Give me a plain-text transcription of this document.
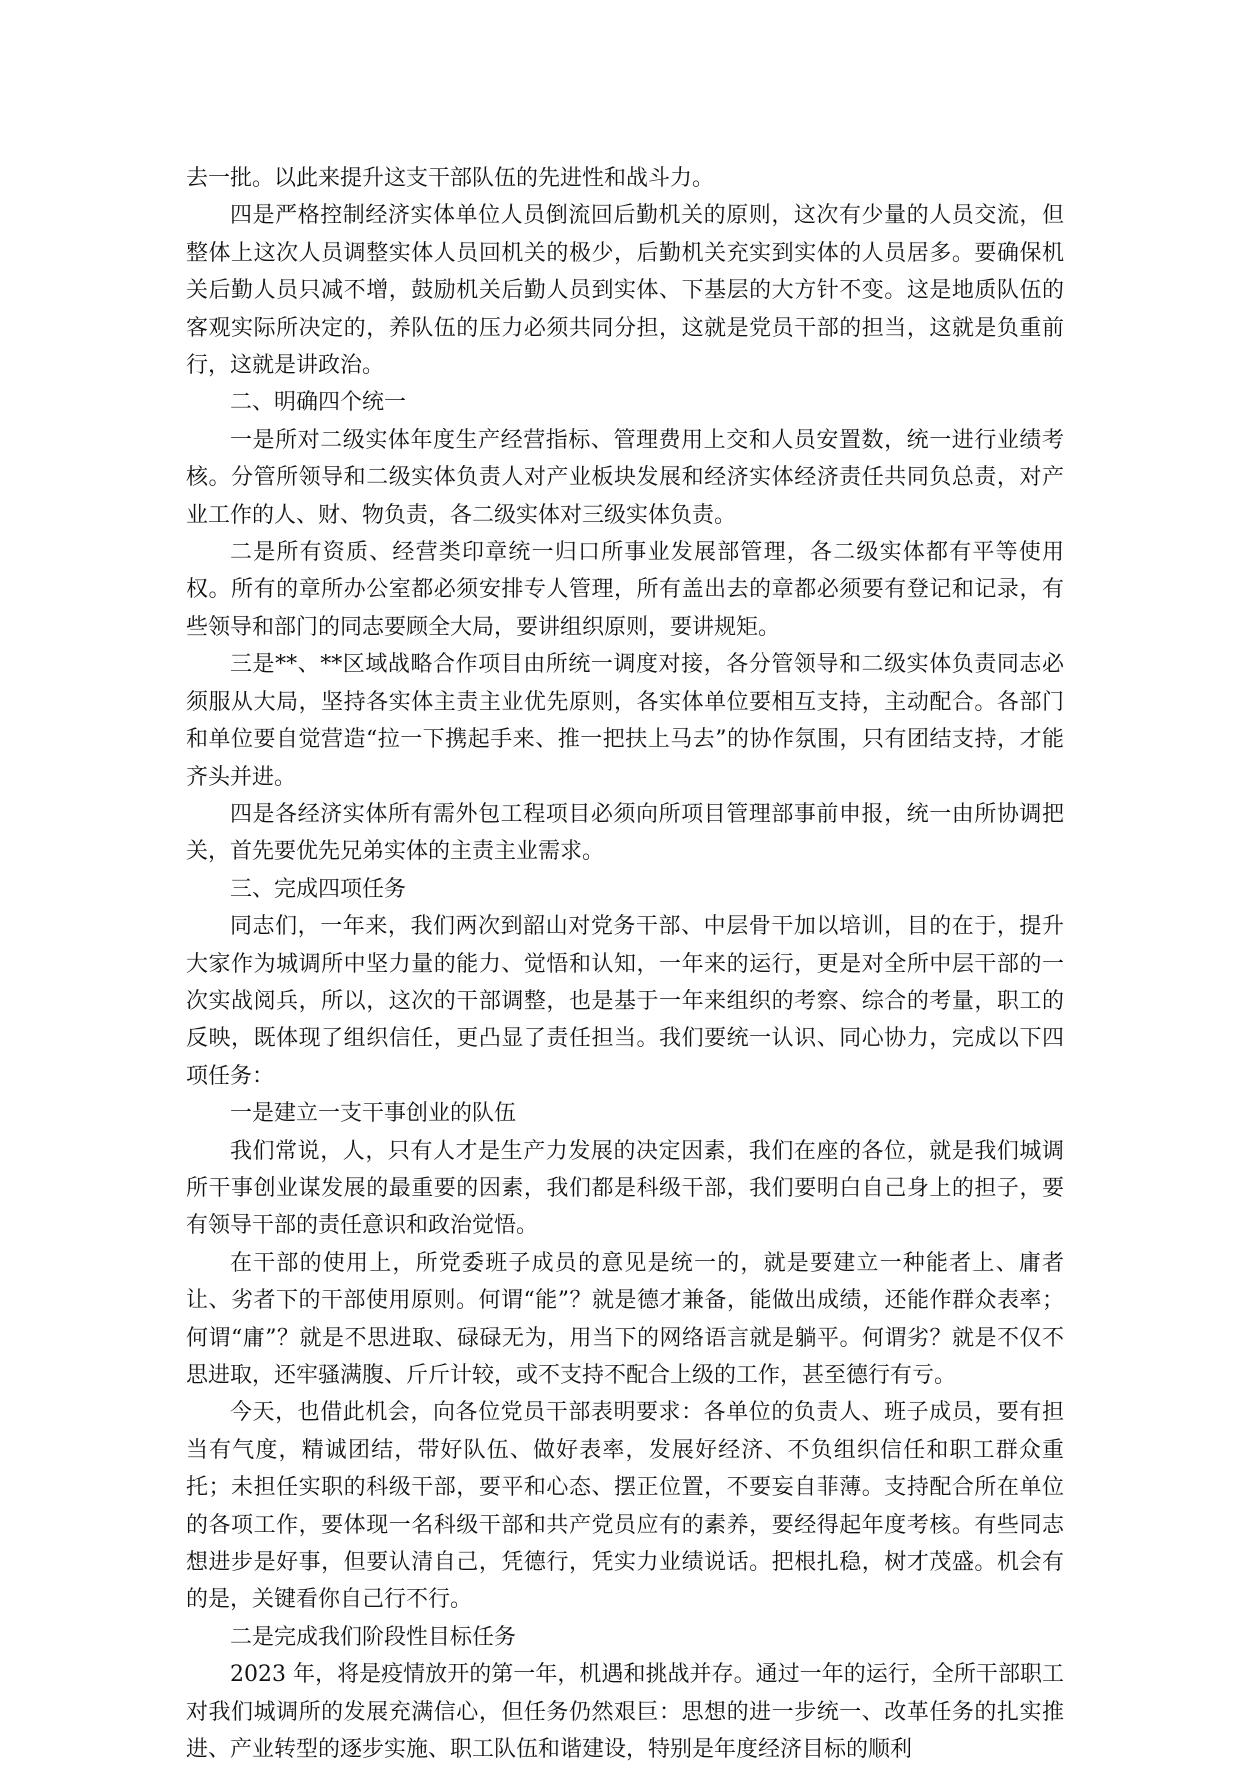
去一批。以此来提升这支干部队伍的先进性和战斗力。

四是严格控制经济实体单位人员倒流回后勤机关的原则，这次有少量的人员交流，但整体上这次人员调整实体人员回机关的极少，后勤机关充实到实体的人员居多。要确保机关后勤人员只减不增，鼓励机关后勤人员到实体、下基层的大方针不变。这是地质队伍的客观实际所决定的，养队伍的压力必须共同分担，这就是党员干部的担当，这就是负重前行，这就是讲政治。

二、明确四个统一

一是所对二级实体年度生产经营指标、管理费用上交和人员安置数，统一进行业绩考核。分管所领导和二级实体负责人对产业板块发展和经济实体经济责任共同负总责，对产业工作的人、财、物负责，各二级实体对三级实体负责。

二是所有资质、经营类印章统一归口所事业发展部管理，各二级实体都有平等使用权。所有的章所办公室都必须安排专人管理，所有盖出去的章都必须要有登记和记录，有些领导和部门的同志要顾全大局，要讲组织原则，要讲规矩。

三是**、**区域战略合作项目由所统一调度对接，各分管领导和二级实体负责同志必须服从大局，坚持各实体主责主业优先原则，各实体单位要相互支持，主动配合。各部门和单位要自觉营造“拉一下携起手来、推一把扶上马去”的协作氛围，只有团结支持，才能齐头并进。

四是各经济实体所有需外包工程项目必须向所项目管理部事前申报，统一由所协调把关，首先要优先兄弟实体的主责主业需求。

三、完成四项任务

同志们，一年来，我们两次到韶山对党务干部、中层骨干加以培训，目的在于，提升大家作为城调所中坚力量的能力、觉悟和认知，一年来的运行，更是对全所中层干部的一次实战阅兵，所以，这次的干部调整，也是基于一年来组织的考察、综合的考量，职工的反映，既体现了组织信任，更凸显了责任担当。我们要统一认识、同心协力，完成以下四项任务：

一是建立一支干事创业的队伍

我们常说，人，只有人才是生产力发展的决定因素，我们在座的各位，就是我们城调所干事创业谋发展的最重要的因素，我们都是科级干部，我们要明白自己身上的担子，要有领导干部的责任意识和政治觉悟。

在干部的使用上，所党委班子成员的意见是统一的，就是要建立一种能者上、庸者让、劣者下的干部使用原则。何谓“能”？就是德才兼备，能做出成绩，还能作群众表率；何谓“庸”？就是不思进取、碌碌无为，用当下的网络语言就是躺平。何谓劣？就是不仅不思进取，还牢骚满腹、斤斤计较，或不支持不配合上级的工作，甚至德行有亏。

今天，也借此机会，向各位党员干部表明要求：各单位的负责人、班子成员，要有担当有气度，精诚团结，带好队伍、做好表率，发展好经济、不负组织信任和职工群众重托；未担任实职的科级干部，要平和心态、摆正位置，不要妄自菲薄。支持配合所在单位的各项工作，要体现一名科级干部和共产党员应有的素养，要经得起年度考核。有些同志想进步是好事，但要认清自己，凭德行，凭实力业绩说话。把根扎稳，树才茂盛。机会有的是，关键看你自己行不行。

二是完成我们阶段性目标任务

2023 年，将是疫情放开的第一年，机遇和挑战并存。通过一年的运行，全所干部职工对我们城调所的发展充满信心，但任务仍然艰巨：思想的进一步统一、改革任务的扎实推进、产业转型的逐步实施、职工队伍和谐建设，特别是年度经济目标的顺利
